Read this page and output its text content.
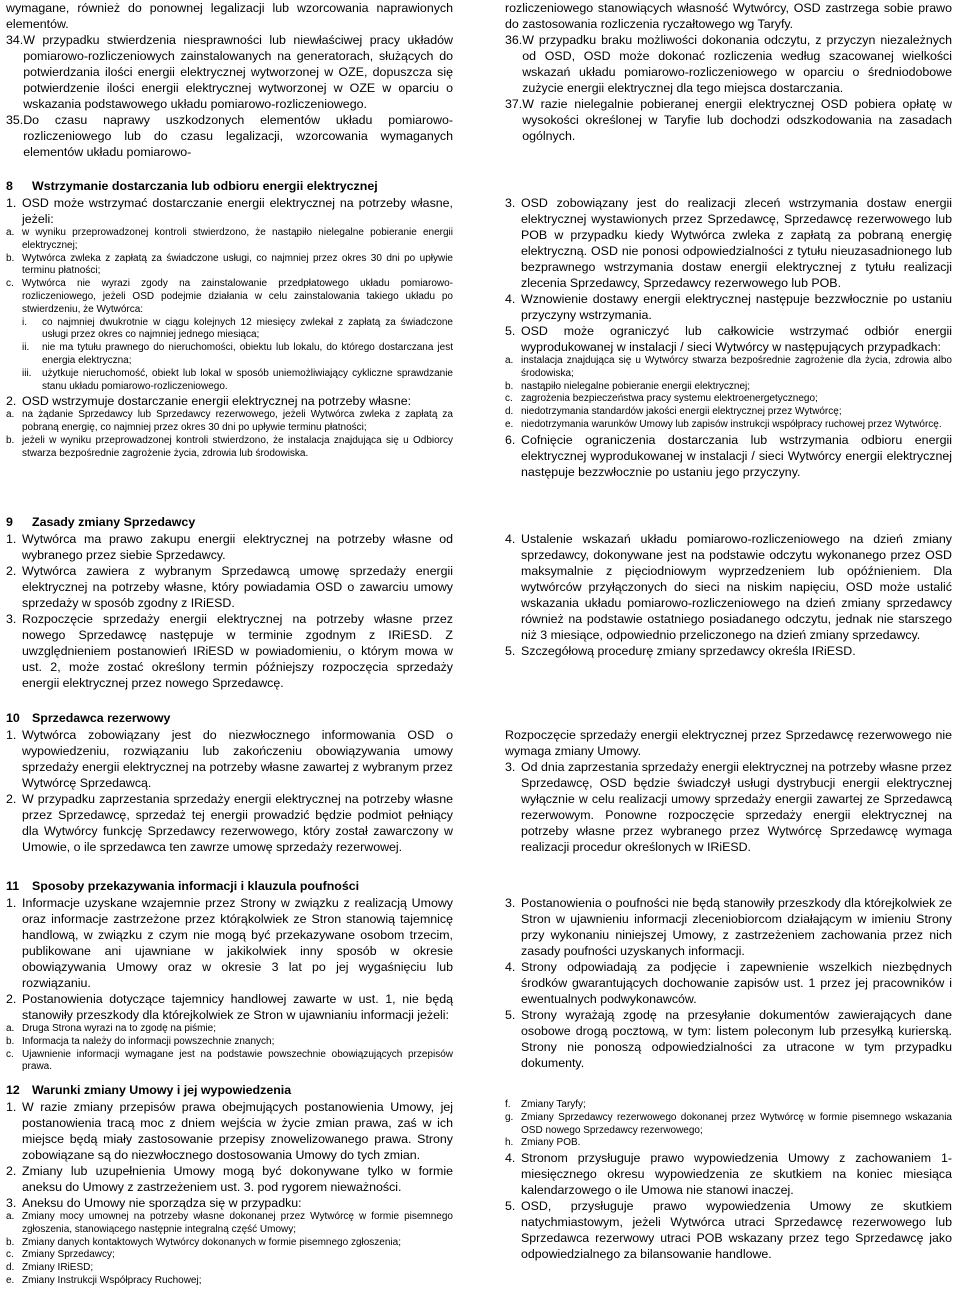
wymagane, również do ponownej legalizacji lub wzorcowania naprawionych elementów.

34. W przypadku stwierdzenia niesprawności lub niewłaściwej pracy układów pomiarowo-rozliczeniowych zainstalowanych na generatorach, służących do potwierdzania ilości energii elektrycznej wytworzonej w OZE, dopuszcza się potwierdzenie ilości energii elektrycznej wytworzonej w OZE w oparciu o wskazania podstawowego układu pomiarowo-rozliczeniowego.
35. Do czasu naprawy uszkodzonych elementów układu pomiarowo-rozliczeniowego lub do czasu legalizacji, wzorcowania wymaganych elementów układu pomiarowo-

rozliczeniowego stanowiących własność Wytwórcy, OSD zastrzega sobie prawo do zastosowania rozliczenia ryczałtowego wg Taryfy.

36. W przypadku braku możliwości dokonania odczytu, z przyczyn niezależnych od OSD, OSD może dokonać rozliczenia według szacowanej wielkości wskazań układu pomiarowo-rozliczeniowego w oparciu o średniodobowe zużycie energii elektrycznej dla tego miejsca dostarczania.
37. W razie nielegalnie pobieranej energii elektrycznej OSD pobiera opłatę w wysokości określonej w Taryfie lub dochodzi odszkodowania na zasadach ogólnych.
8	Wstrzymanie dostarczania lub odbioru energii elektrycznej
1. OSD może wstrzymać dostarczanie energii elektrycznej na potrzeby własne, jeżeli:
a. w wyniku przeprowadzonej kontroli stwierdzono, że nastąpiło nielegalne pobieranie energii elektrycznej;
b. Wytwórca zwleka z zapłatą za świadczone usługi, co najmniej przez okres 30 dni po upływie terminu płatności;
c. Wytwórca nie wyrazi zgody na zainstalowanie przedpłatowego układu pomiarowo-rozliczeniowego, jeżeli OSD podejmie działania w celu zainstalowania takiego układu po stwierdzeniu, że Wytwórca:
i.	co najmniej dwukrotnie w ciągu kolejnych 12 miesięcy zwlekał z zapłatą za świadczone usługi przez okres co najmniej jednego miesiąca;
ii.	nie ma tytułu prawnego do nieruchomości, obiektu lub lokalu, do którego dostarczana jest energia elektryczna;
iii.	użytkuje nieruchomość, obiekt lub lokal w sposób uniemożliwiający cykliczne sprawdzanie stanu układu pomiarowo-rozliczeniowego.
2. OSD wstrzymuje dostarczanie energii elektrycznej na potrzeby własne:
a. na żądanie Sprzedawcy lub Sprzedawcy rezerwowego, jeżeli Wytwórca zwleka z zapłatą za pobraną energię, co najmniej przez okres 30 dni po upływie terminu płatności;
b. jeżeli w wyniku przeprowadzonej kontroli stwierdzono, że instalacja znajdująca się u Odbiorcy stwarza bezpośrednie zagrożenie życia, zdrowia lub środowiska.
3. OSD zobowiązany jest do realizacji zleceń wstrzymania dostaw energii elektrycznej wystawionych przez Sprzedawcę, Sprzedawcę rezerwowego lub POB w przypadku kiedy Wytwórca zwleka z zapłatą za pobraną energię elektryczną. OSD nie ponosi odpowiedzialności z tytułu nieuzasadnionego lub bezprawnego wstrzymania dostaw energii elektrycznej z tytułu realizacji zlecenia Sprzedawcy, Sprzedawcy rezerwowego lub POB.
4. Wznowienie dostawy energii elektrycznej następuje bezzwłocznie po ustaniu przyczyny wstrzymania.
5. OSD może ograniczyć lub całkowicie wstrzymać odbiór energii wyprodukowanej w instalacji / sieci Wytwórcy w następujących przypadkach:
a. instalacja znajdująca się u Wytwórcy stwarza bezpośrednie zagrożenie dla życia, zdrowia albo środowiska;
b. nastąpiło nielegalne pobieranie energii elektrycznej;
c. zagrożenia bezpieczeństwa pracy systemu elektroenergetycznego;
d. niedotrzymania standardów jakości energii elektrycznej przez Wytwórcę;
e. niedotrzymania warunków Umowy lub zapisów instrukcji współpracy ruchowej przez Wytwórcę.
6. Cofnięcie ograniczenia dostarczania lub wstrzymania odbioru energii elektrycznej wyprodukowanej w instalacji / sieci Wytwórcy energii elektrycznej następuje bezzwłocznie po ustaniu jego przyczyny.
9	Zasady zmiany Sprzedawcy
1. Wytwórca ma prawo zakupu energii elektrycznej na potrzeby własne od wybranego przez siebie Sprzedawcy.
2. Wytwórca zawiera z wybranym Sprzedawcą umowę sprzedaży energii elektrycznej na potrzeby własne, który powiadamia OSD o zawarciu umowy sprzedaży w sposób zgodny z IRiESD.
3. Rozpoczęcie sprzedaży energii elektrycznej na potrzeby własne przez nowego Sprzedawcę następuje w terminie zgodnym z IRiESD. Z uwzględnieniem postanowień IRiESD w powiadomieniu, o którym mowa w ust. 2, może zostać określony termin późniejszy rozpoczęcia sprzedaży energii elektrycznej przez nowego Sprzedawcę.
4. Ustalenie wskazań układu pomiarowo-rozliczeniowego na dzień zmiany sprzedawcy, dokonywane jest na podstawie odczytu wykonanego przez OSD maksymalnie z pięciodniowym wyprzedzeniem lub opóźnieniem. Dla wytwórców przyłączonych do sieci na niskim napięciu, OSD może ustalić wskazania układu pomiarowo-rozliczeniowego na dzień zmiany sprzedawcy również na podstawie ostatniego posiadanego odczytu, jednak nie starszego niż 3 miesiące, odpowiednio przeliczonego na dzień zmiany sprzedawcy.
5. Szczegółową procedurę zmiany sprzedawcy określa IRiESD.
10 Sprzedawca rezerwowy
1. Wytwórca zobowiązany jest do niezwłocznego informowania OSD o wypowiedzeniu, rozwiązaniu lub zakończeniu obowiązywania umowy sprzedaży energii elektrycznej na potrzeby własne zawartej z wybranym przez Wytwórcę Sprzedawcą.
2. W przypadku zaprzestania sprzedaży energii elektrycznej na potrzeby własne przez Sprzedawcę, sprzedaż tej energii prowadzić będzie podmiot pełniący dla Wytwórcy funkcję Sprzedawcy rezerwowego, który został zawarczony w Umowie, o ile sprzedawca ten zawrze umowę sprzedaży rezerwowej.

Rozpoczęcie sprzedaży energii elektrycznej przez Sprzedawcę rezerwowego nie wymaga zmiany Umowy.

3. Od dnia zaprzestania sprzedaży energii elektrycznej na potrzeby własne przez Sprzedawcę, OSD będzie świadczył usługi dystrybucji energii elektrycznej wyłącznie w celu realizacji umowy sprzedaży energii zawartej ze Sprzedawcą rezerwowym. Ponowne rozpoczęcie sprzedaży energii elektrycznej na potrzeby własne przez wybranego przez Wytwórcę Sprzedawcę wymaga realizacji procedur określonych w IRiESD.
11	Sposoby przekazywania informacji i klauzula poufności
1. Informacje uzyskane wzajemnie przez Strony w związku z realizacją Umowy oraz informacje zastrzeżone przez którąkolwiek ze Stron stanowią tajemnicę handlową, w związku z czym nie mogą być przekazywane osobom trzecim, publikowane ani ujawniane w jakikolwiek inny sposób w okresie obowiązywania Umowy oraz w okresie 3 lat po jej wygaśnięciu lub rozwiązaniu.
2. Postanowienia dotyczące tajemnicy handlowej zawarte w ust. 1, nie będą stanowiły przeszkody dla którejkolwiek ze Stron w ujawnianiu informacji jeżeli:
a. Druga Strona wyrazi na to zgodę na piśmie;
b. Informacja ta należy do informacji powszechnie znanych;
c. Ujawnienie informacji wymagane jest na podstawie powszechnie obowiązujących przepisów prawa.
3. Postanowienia o poufności nie będą stanowiły przeszkody dla którejkolwiek ze Stron w ujawnieniu informacji zleceniobiorcom działającym w imieniu Strony przy wykonaniu niniejszej Umowy, z zastrzeżeniem zachowania przez nich zasady poufności uzyskanych informacji.
4. Strony odpowiadają za podjęcie i zapewnienie wszelkich niezbędnych środków gwarantujących dochowanie zapisów ust. 1 przez jej pracowników i ewentualnych podwykonawców.
5. Strony wyrażają zgodę na przesyłanie dokumentów zawierających dane osobowe drogą pocztową, w tym: listem poleconym lub przesyłką kurierską. Strony nie ponoszą odpowiedzialności za utracone w tym przypadku dokumenty.
12 Warunki zmiany Umowy i jej wypowiedzenia
1. W razie zmiany przepisów prawa obejmujących postanowienia Umowy, jej postanowienia tracą moc z dniem wejścia w życie zmian prawa, zaś w ich miejsce będą miały zastosowanie przepisy znowelizowanego prawa. Strony zobowiązane są do niezwłocznego dostosowania Umowy do tych zmian.
2. Zmiany lub uzupełnienia Umowy mogą być dokonywane tylko w formie aneksu do Umowy z zastrzeżeniem ust. 3. pod rygorem nieważności.
3. Aneksu do Umowy nie sporządza się w przypadku:
a. Zmiany mocy umownej na potrzeby własne dokonanej przez Wytwórcę w formie pisemnego zgłoszenia, stanowiącego następnie integralną część Umowy;
b. Zmiany danych kontaktowych Wytwórcy dokonanych w formie pisemnego zgłoszenia;
c. Zmiany Sprzedawcy;
d. Zmiany IRiESD;
e. Zmiany Instrukcji Współpracy Ruchowej;
f.	Zmiany Taryfy;
g. Zmiany Sprzedawcy rezerwowego dokonanej przez Wytwórcę w formie pisemnego wskazania OSD nowego Sprzedawcy rezerwowego;
h. Zmiany POB.
4. Stronom przysługuje prawo wypowiedzenia Umowy z zachowaniem 1-miesięcznego okresu wypowiedzenia ze skutkiem na koniec miesiąca kalendarzowego o ile Umowa nie stanowi inaczej.
5. OSD, przysługuje prawo wypowiedzenia Umowy ze skutkiem natychmiastowym, jeżeli Wytwórca utraci Sprzedawcę rezerwowego lub Sprzedawca rezerwowy utraci POB wskazany przez tego Sprzedawcę jako odpowiedzialnego za bilansowanie handlowe.
